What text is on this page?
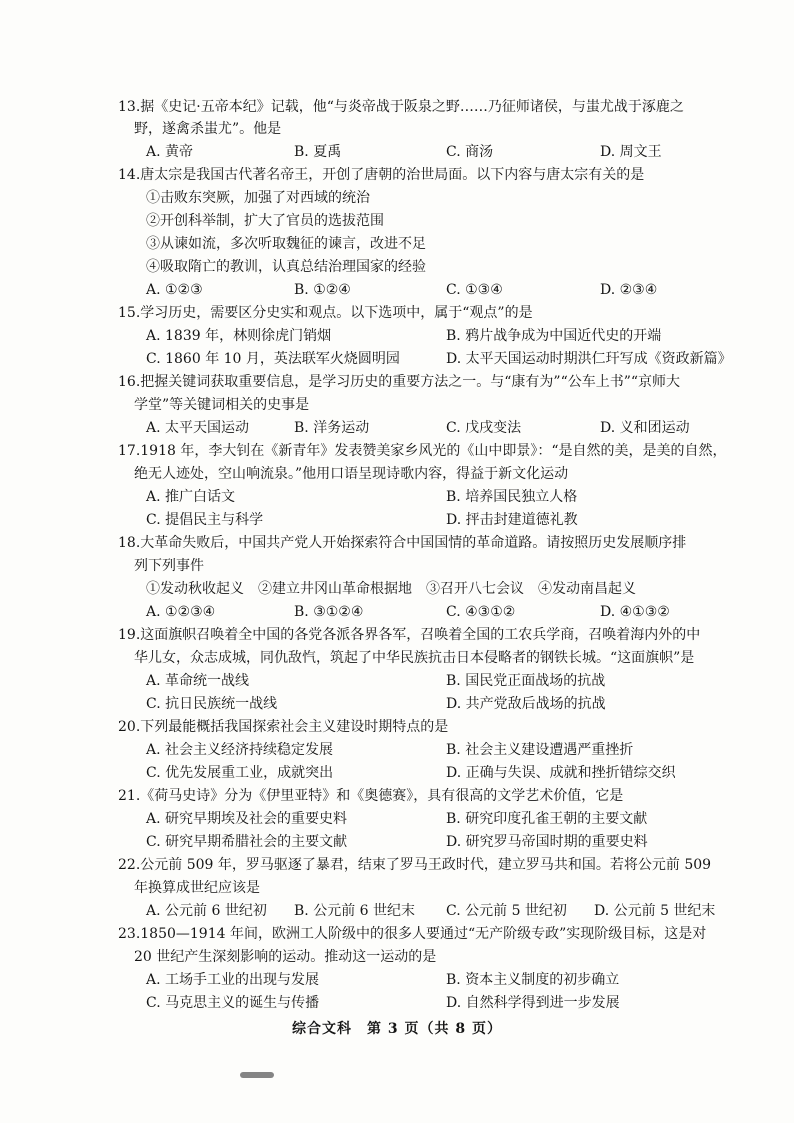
13.据《史记·五帝本纪》记载，他“与炎帝战于阪泉之野……乃征师诸侯，与蚩尤战于涿鹿之
野，遂禽杀蚩尤”。他是
A. 黄帝	B. 夏禹	C. 商汤	D. 周文王
14.唐太宗是我国古代著名帝王，开创了唐朝的治世局面。以下内容与唐太宗有关的是
①击败东突厥，加强了对西域的统治
②开创科举制，扩大了官员的选拔范围
③从谏如流，多次听取魏征的谏言，改进不足
④吸取隋亡的教训，认真总结治理国家的经验
A. ①②③	B. ①②④	C. ①③④	D. ②③④
15.学习历史，需要区分史实和观点。以下选项中，属于“观点”的是
A. 1839 年，林则徐虎门销烟	B. 鸦片战争成为中国近代史的开端
C. 1860 年 10 月，英法联军火烧圆明园	D. 太平天国运动时期洪仁玕写成《资政新篇》
16.把握关键词获取重要信息，是学习历史的重要方法之一。与“康有为”“公车上书”“京师大
学堂”等关键词相关的史事是
A. 太平天国运动	B. 洋务运动	C. 戊戌变法	D. 义和团运动
17.1918 年，李大钊在《新青年》发表赞美家乡风光的《山中即景》：“是自然的美，是美的自然，
绝无人迹处，空山响流泉。”他用口语呈现诗歌内容，得益于新文化运动
A. 推广白话文	B. 培养国民独立人格
C. 提倡民主与科学	D. 抨击封建道德礼教
18.大革命失败后，中国共产党人开始探索符合中国国情的革命道路。请按照历史发展顺序排
列下列事件
①发动秋收起义　②建立井冈山革命根据地　③召开八七会议　④发动南昌起义
A. ①②③④	B. ③①②④	C. ④③①②	D. ④①③②
19.这面旗帜召唤着全中国的各党各派各界各军，召唤着全国的工农兵学商，召唤着海内外的中
华儿女，众志成城，同仇敌忾，筑起了中华民族抗击日本侵略者的钢铁长城。“这面旗帜”是
A. 革命统一战线	B. 国民党正面战场的抗战
C. 抗日民族统一战线	D. 共产党敌后战场的抗战
20.下列最能概括我国探索社会主义建设时期特点的是
A. 社会主义经济持续稳定发展	B. 社会主义建设遭遇严重挫折
C. 优先发展重工业，成就突出	D. 正确与失误、成就和挫折错综交织
21.《荷马史诗》分为《伊里亚特》和《奥德赛》，具有很高的文学艺术价值，它是
A. 研究早期埃及社会的重要史料	B. 研究印度孔雀王朝的主要文献
C. 研究早期希腊社会的主要文献	D. 研究罗马帝国时期的重要史料
22.公元前 509 年，罗马驱逐了暴君，结束了罗马王政时代，建立罗马共和国。若将公元前 509
年换算成世纪应该是
A. 公元前 6 世纪初 B. 公元前 6 世纪末 C. 公元前 5 世纪初 D. 公元前 5 世纪末
23.1850—1914 年间，欧洲工人阶级中的很多人要通过“无产阶级专政”实现阶级目标，这是对
20 世纪产生深刻影响的运动。推动这一运动的是
A. 工场手工业的出现与发展	B. 资本主义制度的初步确立
C. 马克思主义的诞生与传播	D. 自然科学得到进一步发展
综合文科　第 3 页（共 8 页）
